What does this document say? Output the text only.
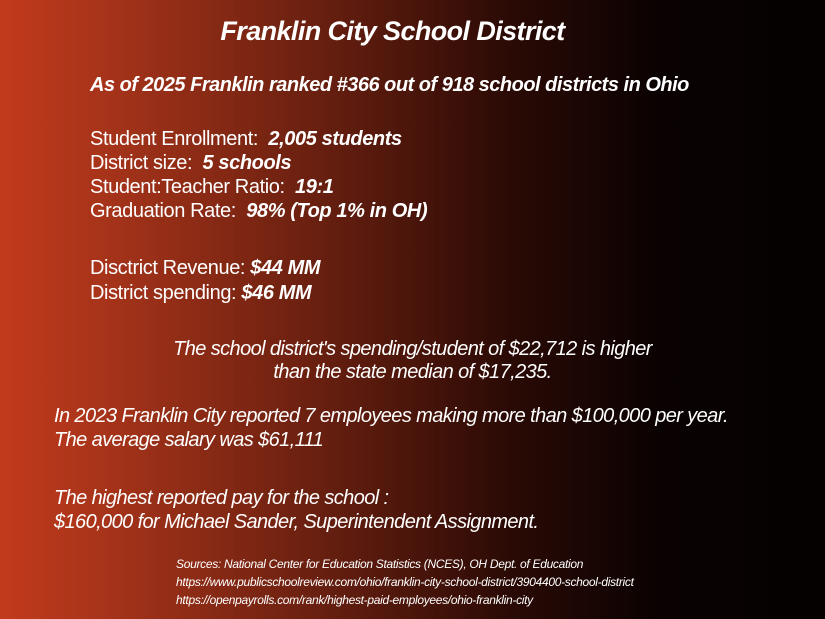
Franklin City School District
As of 2025 Franklin ranked #366 out of 918 school districts in Ohio
Student Enrollment: 2,005 students
District size: 5 schools
Student:Teacher Ratio: 19:1
Graduation Rate: 98% (Top 1% in OH)
Disctrict Revenue: $44 MM
District spending: $46 MM
The school district's spending/student of $22,712 is higher
than the state median of $17,235.
In 2023 Franklin City reported 7 employees making more than $100,000 per year.
The average salary was $61,111
The highest reported pay for the school :
$160,000 for Michael Sander, Superintendent Assignment.
Sources: National Center for Education Statistics (NCES), OH Dept. of Education
https://www.publicschoolreview.com/ohio/franklin-city-school-district/3904400-school-district
https://openpayrolls.com/rank/highest-paid-employees/ohio-franklin-city
